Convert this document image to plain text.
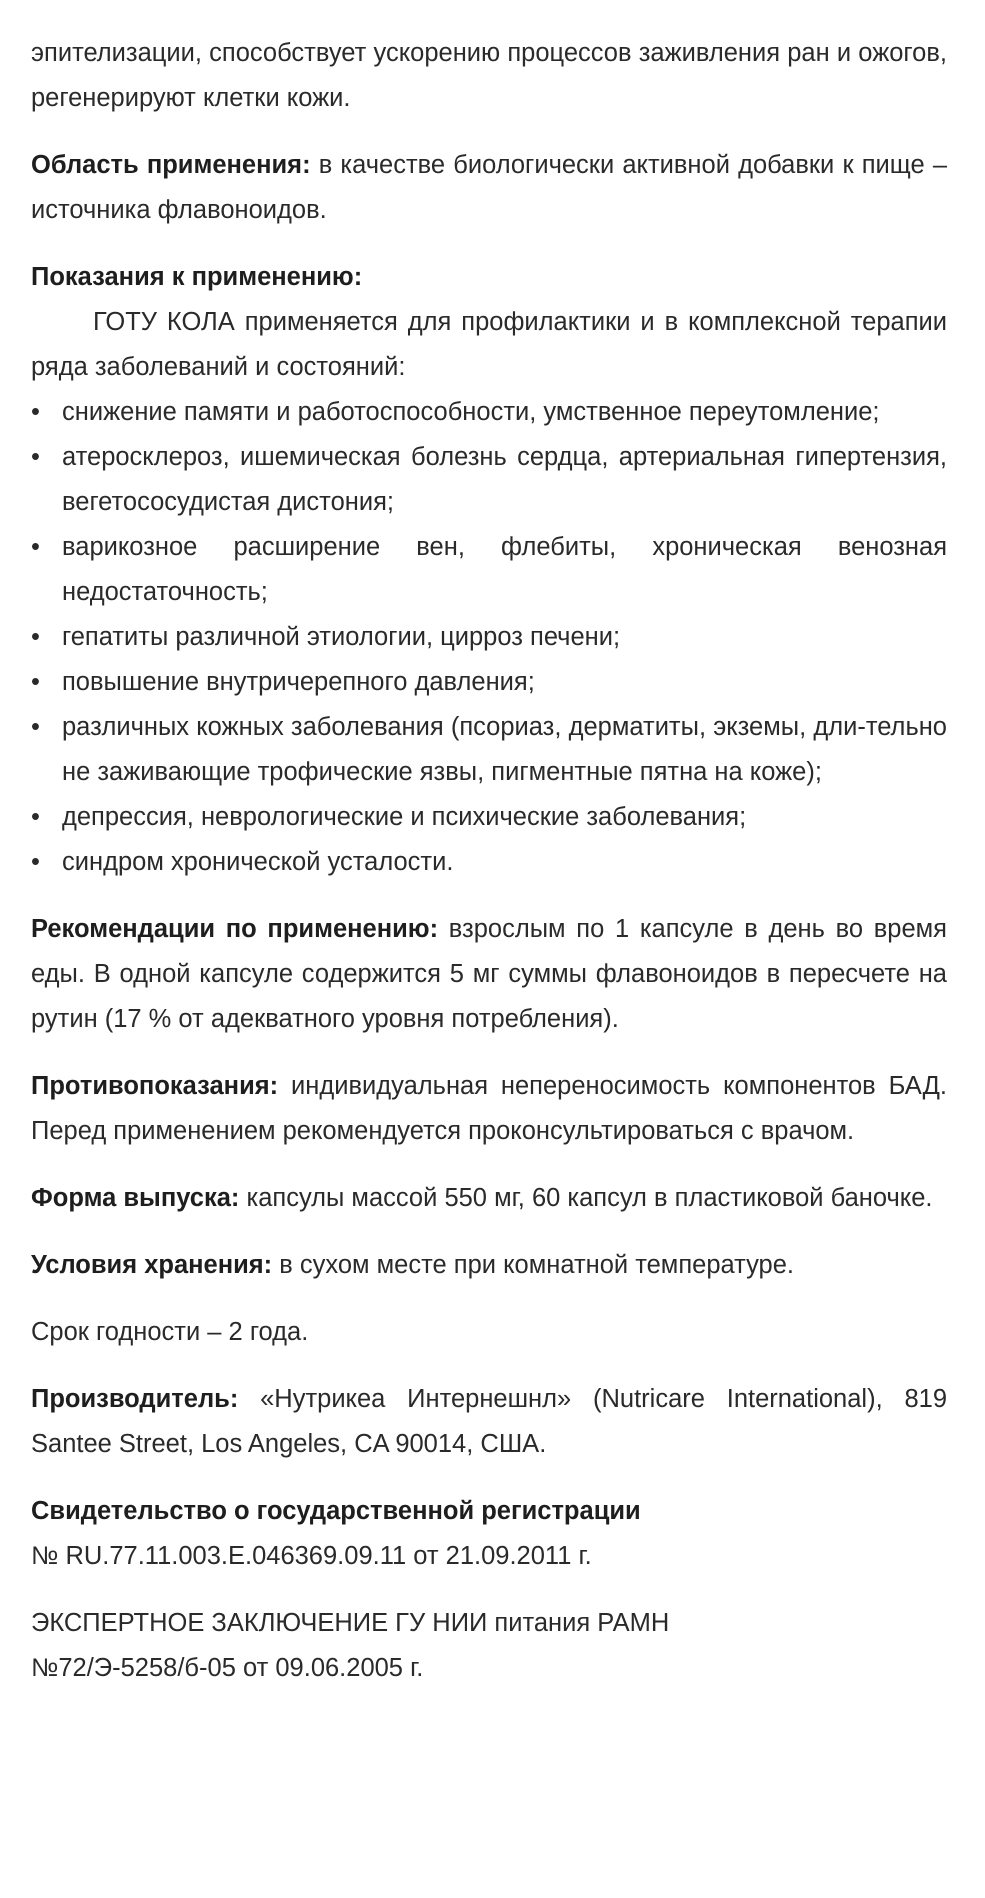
эпителизации, способствует ускорению процессов заживления ран и ожогов, регенерируют клетки кожи.

Область применения: в качестве биологически активной добавки к пище – источника флавоноидов.

Показания к применению:

ГОТУ КОЛА применяется для профилактики и в комплексной терапии ряда заболеваний и состояний:

• снижение памяти и работоспособности, умственное переутомление;
• атеросклероз, ишемическая болезнь сердца, артериальная гипертензия, вегетососудистая дистония;
• варикозное расширение вен, флебиты, хроническая венозная недостаточность;
• гепатиты различной этиологии, цирроз печени;
• повышение внутричерепного давления;
• различных кожных заболевания (псориаз, дерматиты, экземы, дли-тельно не заживающие трофические язвы, пигментные пятна на коже);
• депрессия, неврологические и психические заболевания;
• синдром хронической усталости.

Рекомендации по применению: взрослым по 1 капсуле в день во время еды. В одной капсуле содержится 5 мг суммы флавоноидов в пересчете на рутин (17 % от адекватного уровня потребления).

Противопоказания: индивидуальная непереносимость компонентов БАД. Перед применением рекомендуется проконсультироваться с врачом.

Форма выпуска: капсулы массой 550 мг, 60 капсул в пластиковой баночке.

Условия хранения: в сухом месте при комнатной температуре.

Срок годности – 2 года.

Производитель: «Нутрикеа Интернешнл» (Nutricare International), 819 Santee Street, Los Angeles, CA 90014, США.

Свидетельство о государственной регистрации

№ RU.77.11.003.Е.046369.09.11 от 21.09.2011 г.

ЭКСПЕРТНОЕ ЗАКЛЮЧЕНИЕ ГУ НИИ питания РАМН

№72/Э-5258/б-05 от 09.06.2005 г.
